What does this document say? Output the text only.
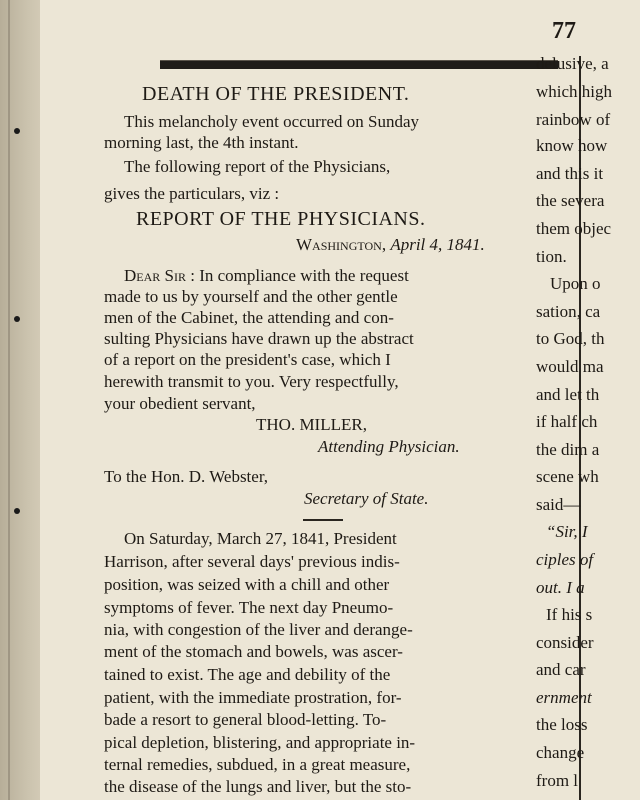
77
DEATH OF THE PRESIDENT.
This melancholy event occurred on Sunday
morning last, the 4th instant.
The following report of the Physicians,
gives the particulars, viz :
REPORT OF THE PHYSICIANS.
Washington, April 4, 1841.
Dear Sir : In compliance with the request
made to us by yourself and the other gentle
men of the Cabinet, the attending and con-
sulting Physicians have drawn up the abstract
of a report on the president's case, which I
herewith transmit to you. Very respectfully,
your obedient servant,
THO. MILLER,
Attending Physician.
To the Hon. D. Webster,
Secretary of State.
On Saturday, March 27, 1841, President
Harrison, after several days' previous indis-
position, was seized with a chill and other
symptoms of fever. The next day Pneumo-
nia, with congestion of the liver and derange-
ment of the stomach and bowels, was ascer-
tained to exist. The age and debility of the
patient, with the immediate prostration, for-
bade a resort to general blood-letting. To-
pical depletion, blistering, and appropriate in-
ternal remedies, subdued, in a great measure,
the disease of the lungs and liver, but the sto-
delusive, a
which high
rainbow of
know how
and this it
the severa
them objec
tion.
Upon o
sation, ca
to God, th
would ma
and let th
if half ch
the dim a
scene wh
said—
“Sir, I
ciples of
out. I a
If his s
consider
and car
ernment
the loss
change
from l
